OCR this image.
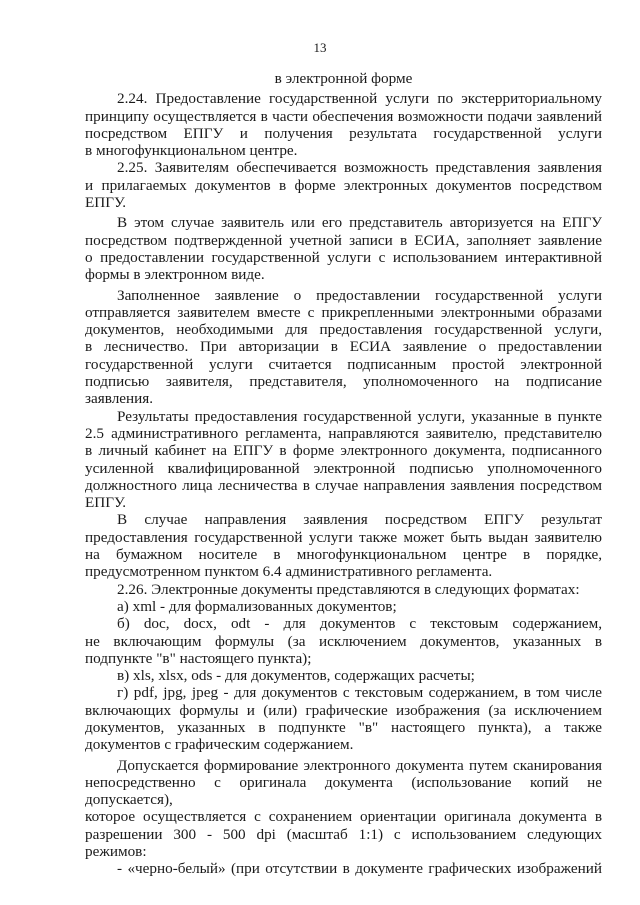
13

в электронной форме

2.24. Предоставление государственной услуги по экстерриториальному
принципу осуществляется в части обеспечения возможности подачи заявлений
посредством ЕПГУ и получения результата государственной услуги
в многофункциональном центре.
2.25. Заявителям обеспечивается возможность представления заявления
и прилагаемых документов в форме электронных документов посредством
ЕПГУ.
В этом случае заявитель или его представитель авторизуется на ЕПГУ
посредством подтвержденной учетной записи в ЕСИА, заполняет заявление
о предоставлении государственной услуги с использованием интерактивной
формы в электронном виде.
Заполненное заявление о предоставлении государственной услуги
отправляется заявителем вместе с прикрепленными электронными образами
документов, необходимыми для предоставления государственной услуги,
в лесничество. При авторизации в ЕСИА заявление о предоставлении
государственной услуги считается подписанным простой электронной
подписью заявителя, представителя, уполномоченного на подписание
заявления.
Результаты предоставления государственной услуги, указанные в пункте
2.5 административного регламента, направляются заявителю, представителю
в личный кабинет на ЕПГУ в форме электронного документа, подписанного
усиленной квалифицированной электронной подписью уполномоченного
должностного лица лесничества в случае направления заявления посредством
ЕПГУ.
В случае направления заявления посредством ЕПГУ результат
предоставления государственной услуги также может быть выдан заявителю
на бумажном носителе в многофункциональном центре в порядке,
предусмотренном пунктом 6.4 административного регламента.
2.26. Электронные документы представляются в следующих форматах:
а) xml - для формализованных документов;
б) doc, docx, odt - для документов с текстовым содержанием,
не включающим формулы (за исключением документов, указанных в
подпункте "в" настоящего пункта);
в) xls, xlsx, ods - для документов, содержащих расчеты;
г) pdf, jpg, jpeg - для документов с текстовым содержанием, в том числе
включающих формулы и (или) графические изображения (за исключением
документов, указанных в подпункте "в" настоящего пункта), а также
документов с графическим содержанием.
Допускается формирование электронного документа путем сканирования
непосредственно с оригинала документа (использование копий не допускается),
которое осуществляется с сохранением ориентации оригинала документа в
разрешении 300 - 500 dpi (масштаб 1:1) с использованием следующих режимов:
- «черно-белый» (при отсутствии в документе графических изображений
